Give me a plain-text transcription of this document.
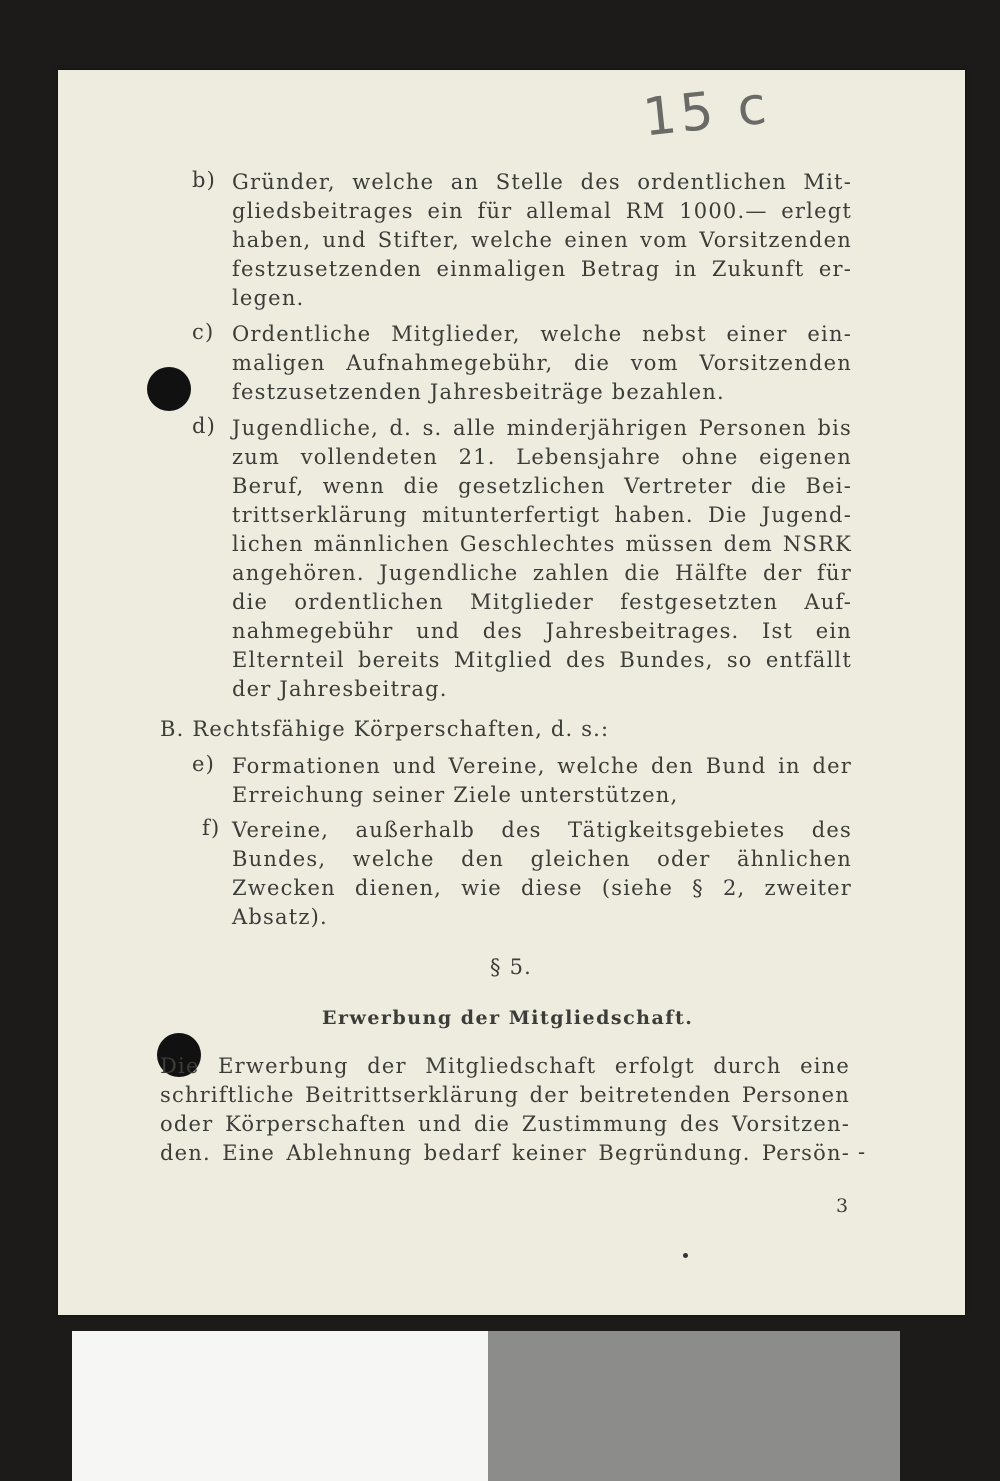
15 c
b) Gründer, welche an Stelle des ordentlichen Mit-
gliedsbeitrages ein für allemal RM 1000.— erlegt
haben, und Stifter, welche einen vom Vorsitzenden
festzusetzenden einmaligen Betrag in Zukunft er-
legen.
c) Ordentliche Mitglieder, welche nebst einer ein-
maligen Aufnahmegebühr, die vom Vorsitzenden
festzusetzenden Jahresbeiträge bezahlen.
d) Jugendliche, d. s. alle minderjährigen Personen bis
zum vollendeten 21. Lebensjahre ohne eigenen
Beruf, wenn die gesetzlichen Vertreter die Bei-
trittserklärung mitunterfertigt haben. Die Jugend-
lichen männlichen Geschlechtes müssen dem NSRK
angehören. Jugendliche zahlen die Hälfte der für
die ordentlichen Mitglieder festgesetzten Auf-
nahmegebühr und des Jahresbeitrages. Ist ein
Elternteil bereits Mitglied des Bundes, so entfällt
der Jahresbeitrag.
B. Rechtsfähige Körperschaften, d. s.:
e) Formationen und Vereine, welche den Bund in der
Erreichung seiner Ziele unterstützen,
f) Vereine, außerhalb des Tätigkeitsgebietes des
Bundes, welche den gleichen oder ähnlichen
Zwecken dienen, wie diese (siehe § 2, zweiter
Absatz).
§ 5.
Erwerbung der Mitgliedschaft.
Die Erwerbung der Mitgliedschaft erfolgt durch eine
schriftliche Beitrittserklärung der beitretenden Personen
oder Körperschaften und die Zustimmung des Vorsitzen-
den. Eine Ablehnung bedarf keiner Begründung. Persön- -
3
